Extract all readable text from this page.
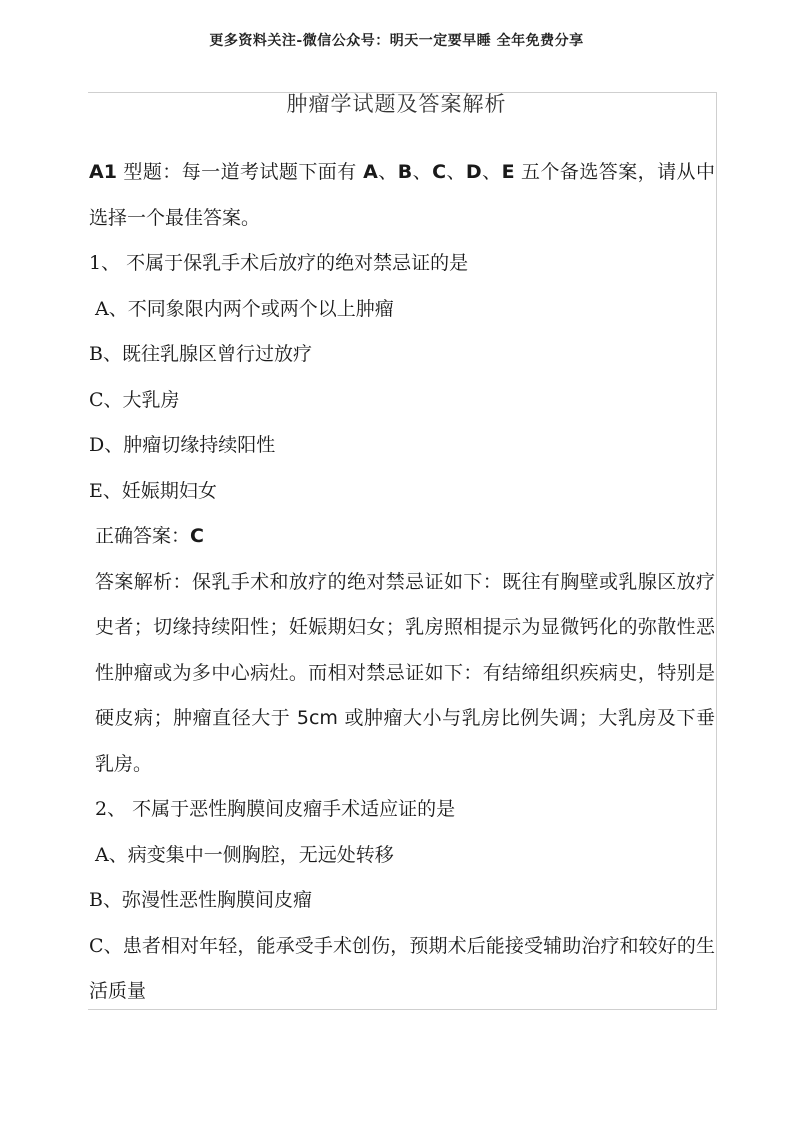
更多资料关注-微信公众号：明天一定要早睡 全年免费分享
肿瘤学试题及答案解析

A1 型题：每一道考试题下面有 A、B、C、D、E 五个备选答案，请从中选择一个最佳答案。

1、 不属于保乳手术后放疗的绝对禁忌证的是

A、不同象限内两个或两个以上肿瘤

B、既往乳腺区曾行过放疗

C、大乳房

D、肿瘤切缘持续阳性

E、妊娠期妇女

正确答案：C

答案解析：保乳手术和放疗的绝对禁忌证如下：既往有胸壁或乳腺区放疗史者；切缘持续阳性；妊娠期妇女；乳房照相提示为显微钙化的弥散性恶性肿瘤或为多中心病灶。而相对禁忌证如下：有结缔组织疾病史，特别是硬皮病；肿瘤直径大于 5cm 或肿瘤大小与乳房比例失调；大乳房及下垂乳房。

2、 不属于恶性胸膜间皮瘤手术适应证的是

A、病变集中一侧胸腔，无远处转移

B、弥漫性恶性胸膜间皮瘤

C、患者相对年轻，能承受手术创伤，预期术后能接受辅助治疗和较好的生活质量
